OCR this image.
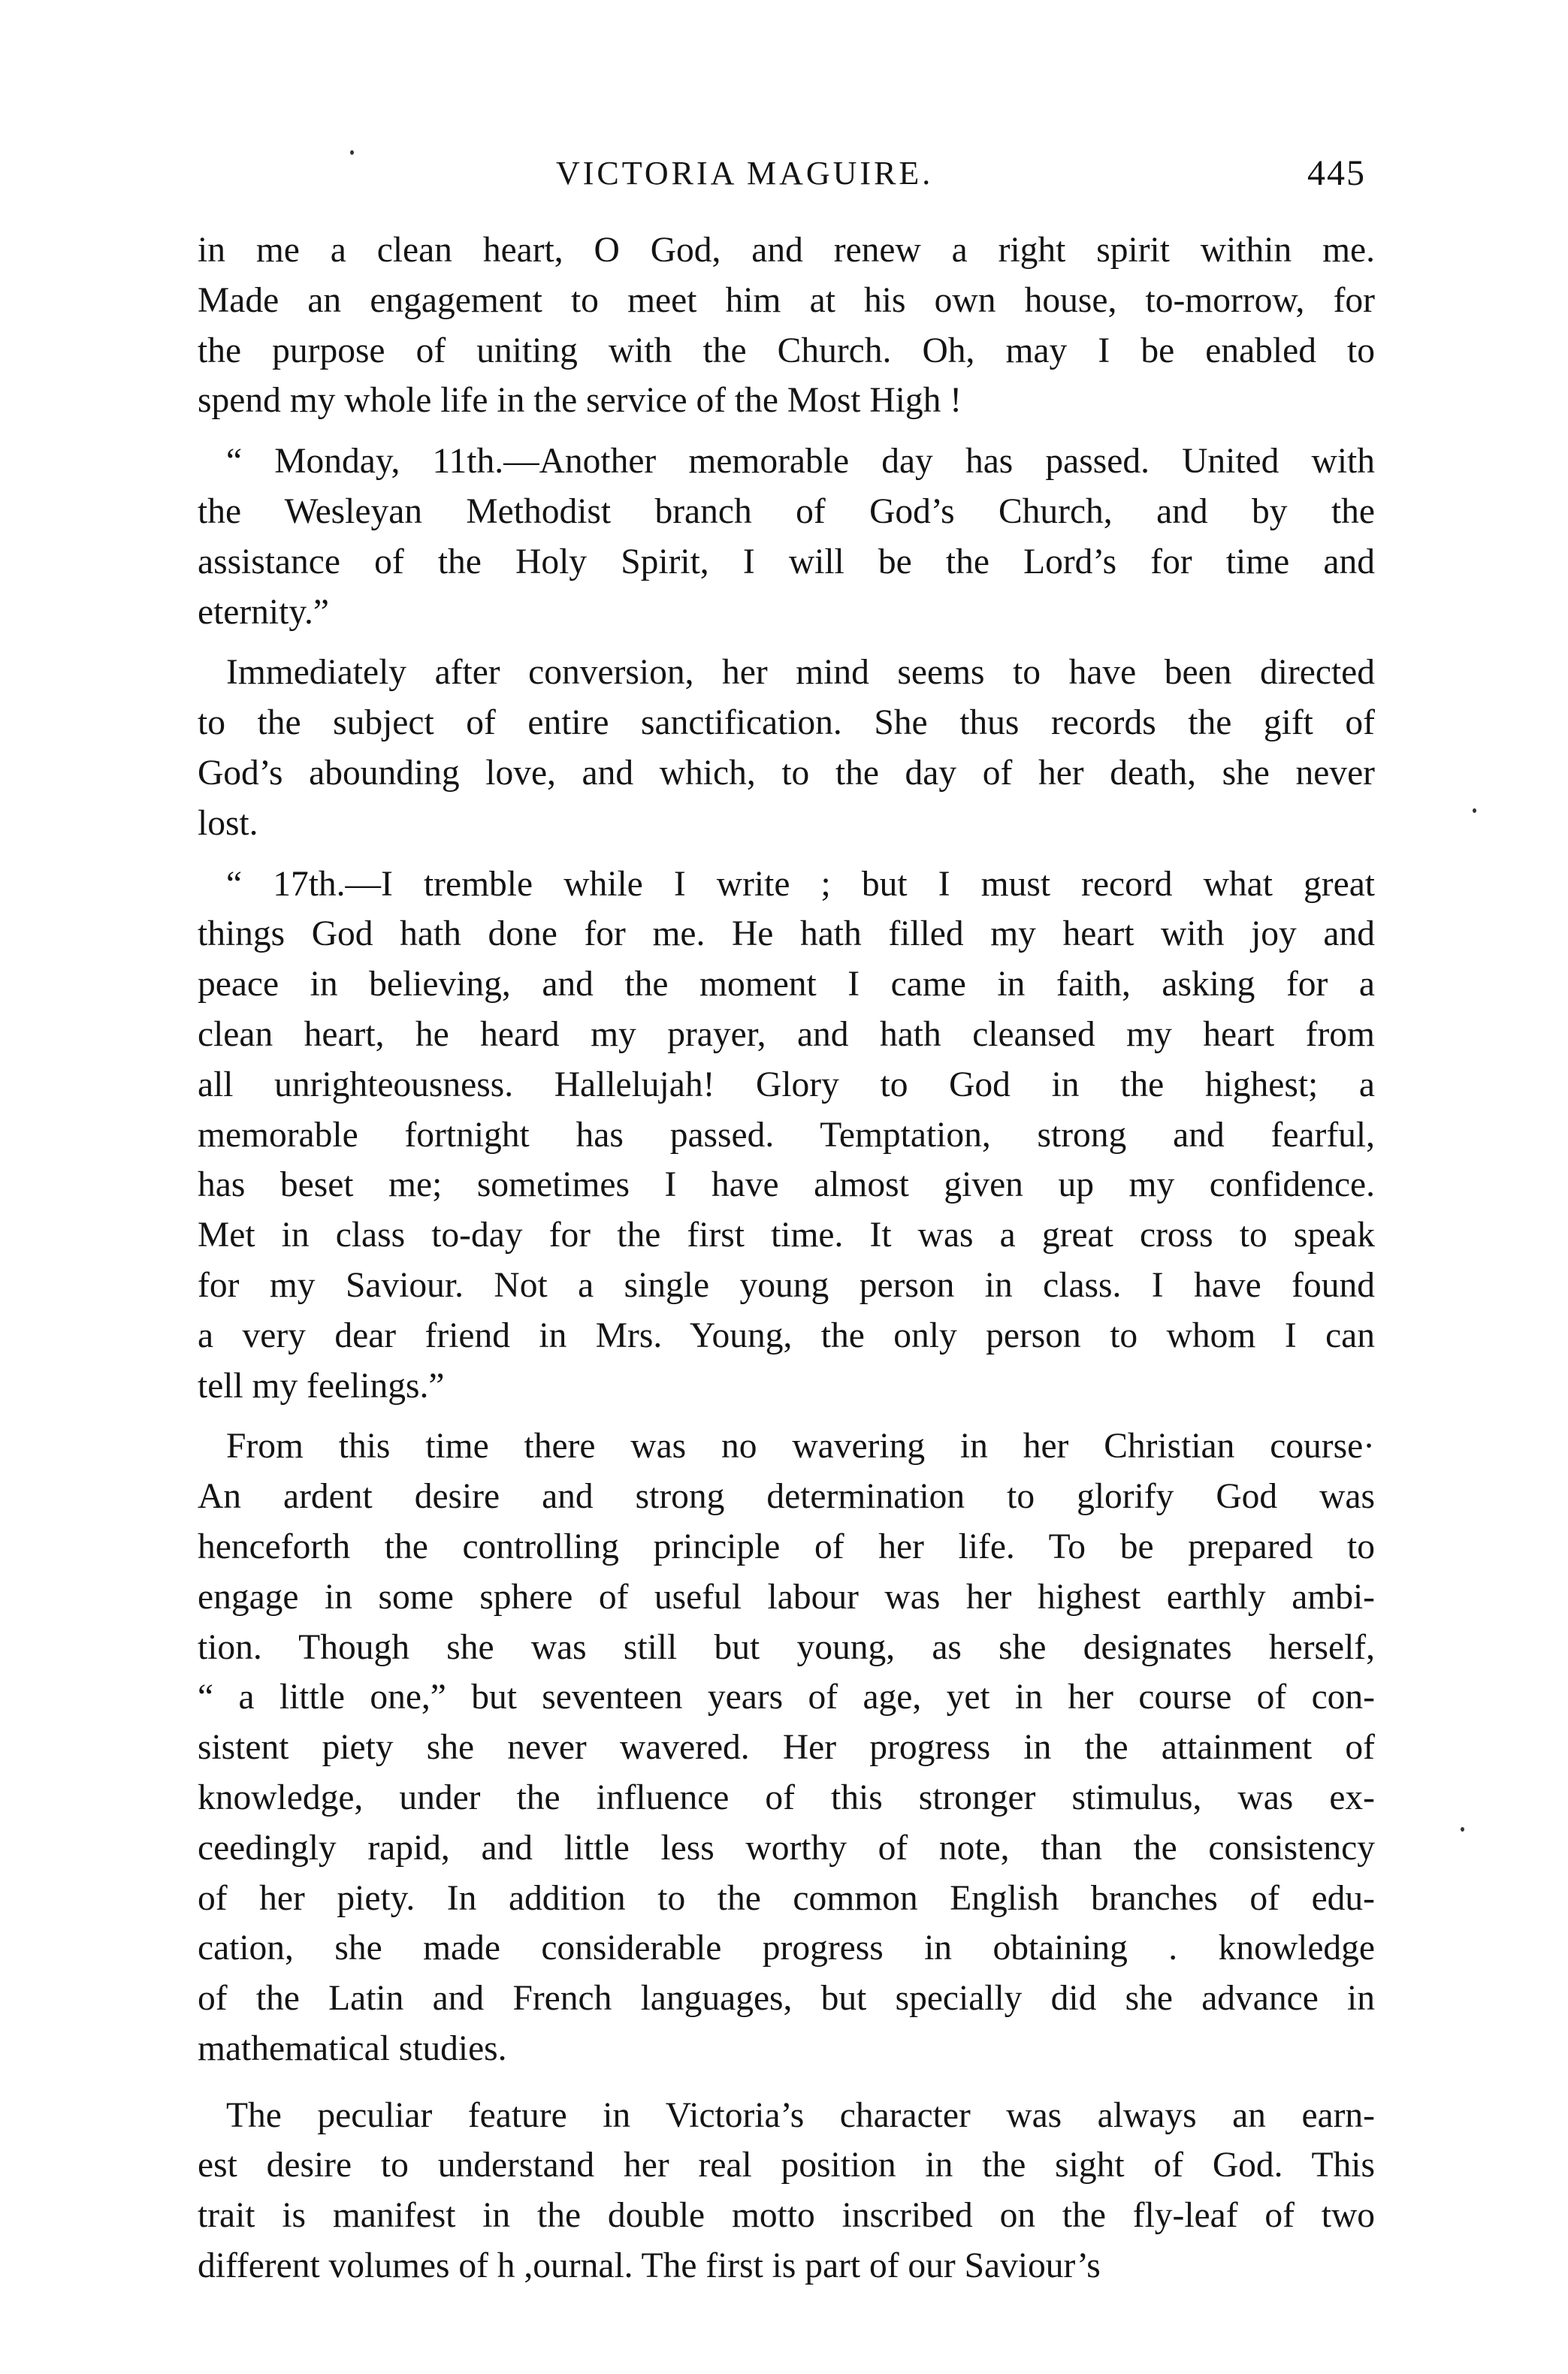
VICTORIA MAGUIRE.	445
in me a clean heart, O God, and renew a right spirit within me.
Made an engagement to meet him at his own house, to-morrow, for
the purpose of uniting with the Church. Oh, may I be enabled to
spend my whole life in the service of the Most High !
“ Monday, 11th.—Another memorable day has passed. United with
the Wesleyan Methodist branch of God’s Church, and by the
assistance of the Holy Spirit, I will be the Lord’s for time and
eternity.”
Immediately after conversion, her mind seems to have been directed
to the subject of entire sanctification. She thus records the gift of
God’s abounding love, and which, to the day of her death, she never
lost.
“ 17th.—I tremble while I write ; but I must record what great
things God hath done for me. He hath filled my heart with joy and
peace in believing, and the moment I came in faith, asking for a
clean heart, he heard my prayer, and hath cleansed my heart from
all unrighteousness. Hallelujah! Glory to God in the highest; a
memorable fortnight has passed. Temptation, strong and fearful,
has beset me; sometimes I have almost given up my confidence.
Met in class to-day for the first time. It was a great cross to speak
for my Saviour. Not a single young person in class. I have found
a very dear friend in Mrs. Young, the only person to whom I can
tell my feelings.”
From this time there was no wavering in her Christian course·
An ardent desire and strong determination to glorify God was
henceforth the controlling principle of her life. To be prepared to
engage in some sphere of useful labour was her highest earthly ambi-
tion. Though she was still but young, as she designates herself,
“ a little one,” but seventeen years of age, yet in her course of con-
sistent piety she never wavered. Her progress in the attainment of
knowledge, under the influence of this stronger stimulus, was ex-
ceedingly rapid, and little less worthy of note, than the consistency
of her piety. In addition to the common English branches of edu-
cation, she made considerable progress in obtaining . knowledge
of the Latin and French languages, but specially did she advance in
mathematical studies.
The peculiar feature in Victoria’s character was always an earn-
est desire to understand her real position in the sight of God. This
trait is manifest in the double motto inscribed on the fly-leaf of two
different volumes of h ,ournal. The first is part of our Saviour’s
